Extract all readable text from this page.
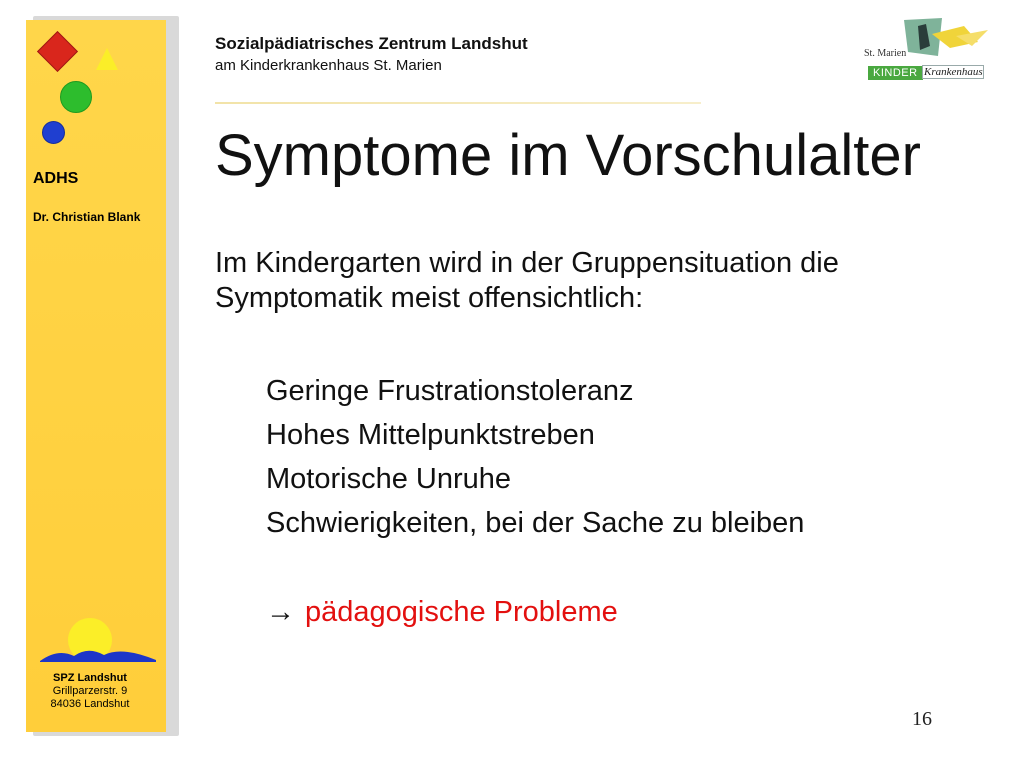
ADHS
Dr. Christian Blank
SPZ Landshut
Grillparzerstr. 9
84036 Landshut
Sozialpädiatrisches Zentrum Landshut
am Kinderkrankenhaus St. Marien
St. Marien
KINDER Krankenhaus
Symptome im Vorschulalter
Im Kindergarten wird in der Gruppensituation die Symptomatik meist offensichtlich:
Geringe Frustrationstoleranz
Hohes Mittelpunktstreben
Motorische Unruhe
Schwierigkeiten, bei der Sache zu bleiben
→ pädagogische Probleme
16
